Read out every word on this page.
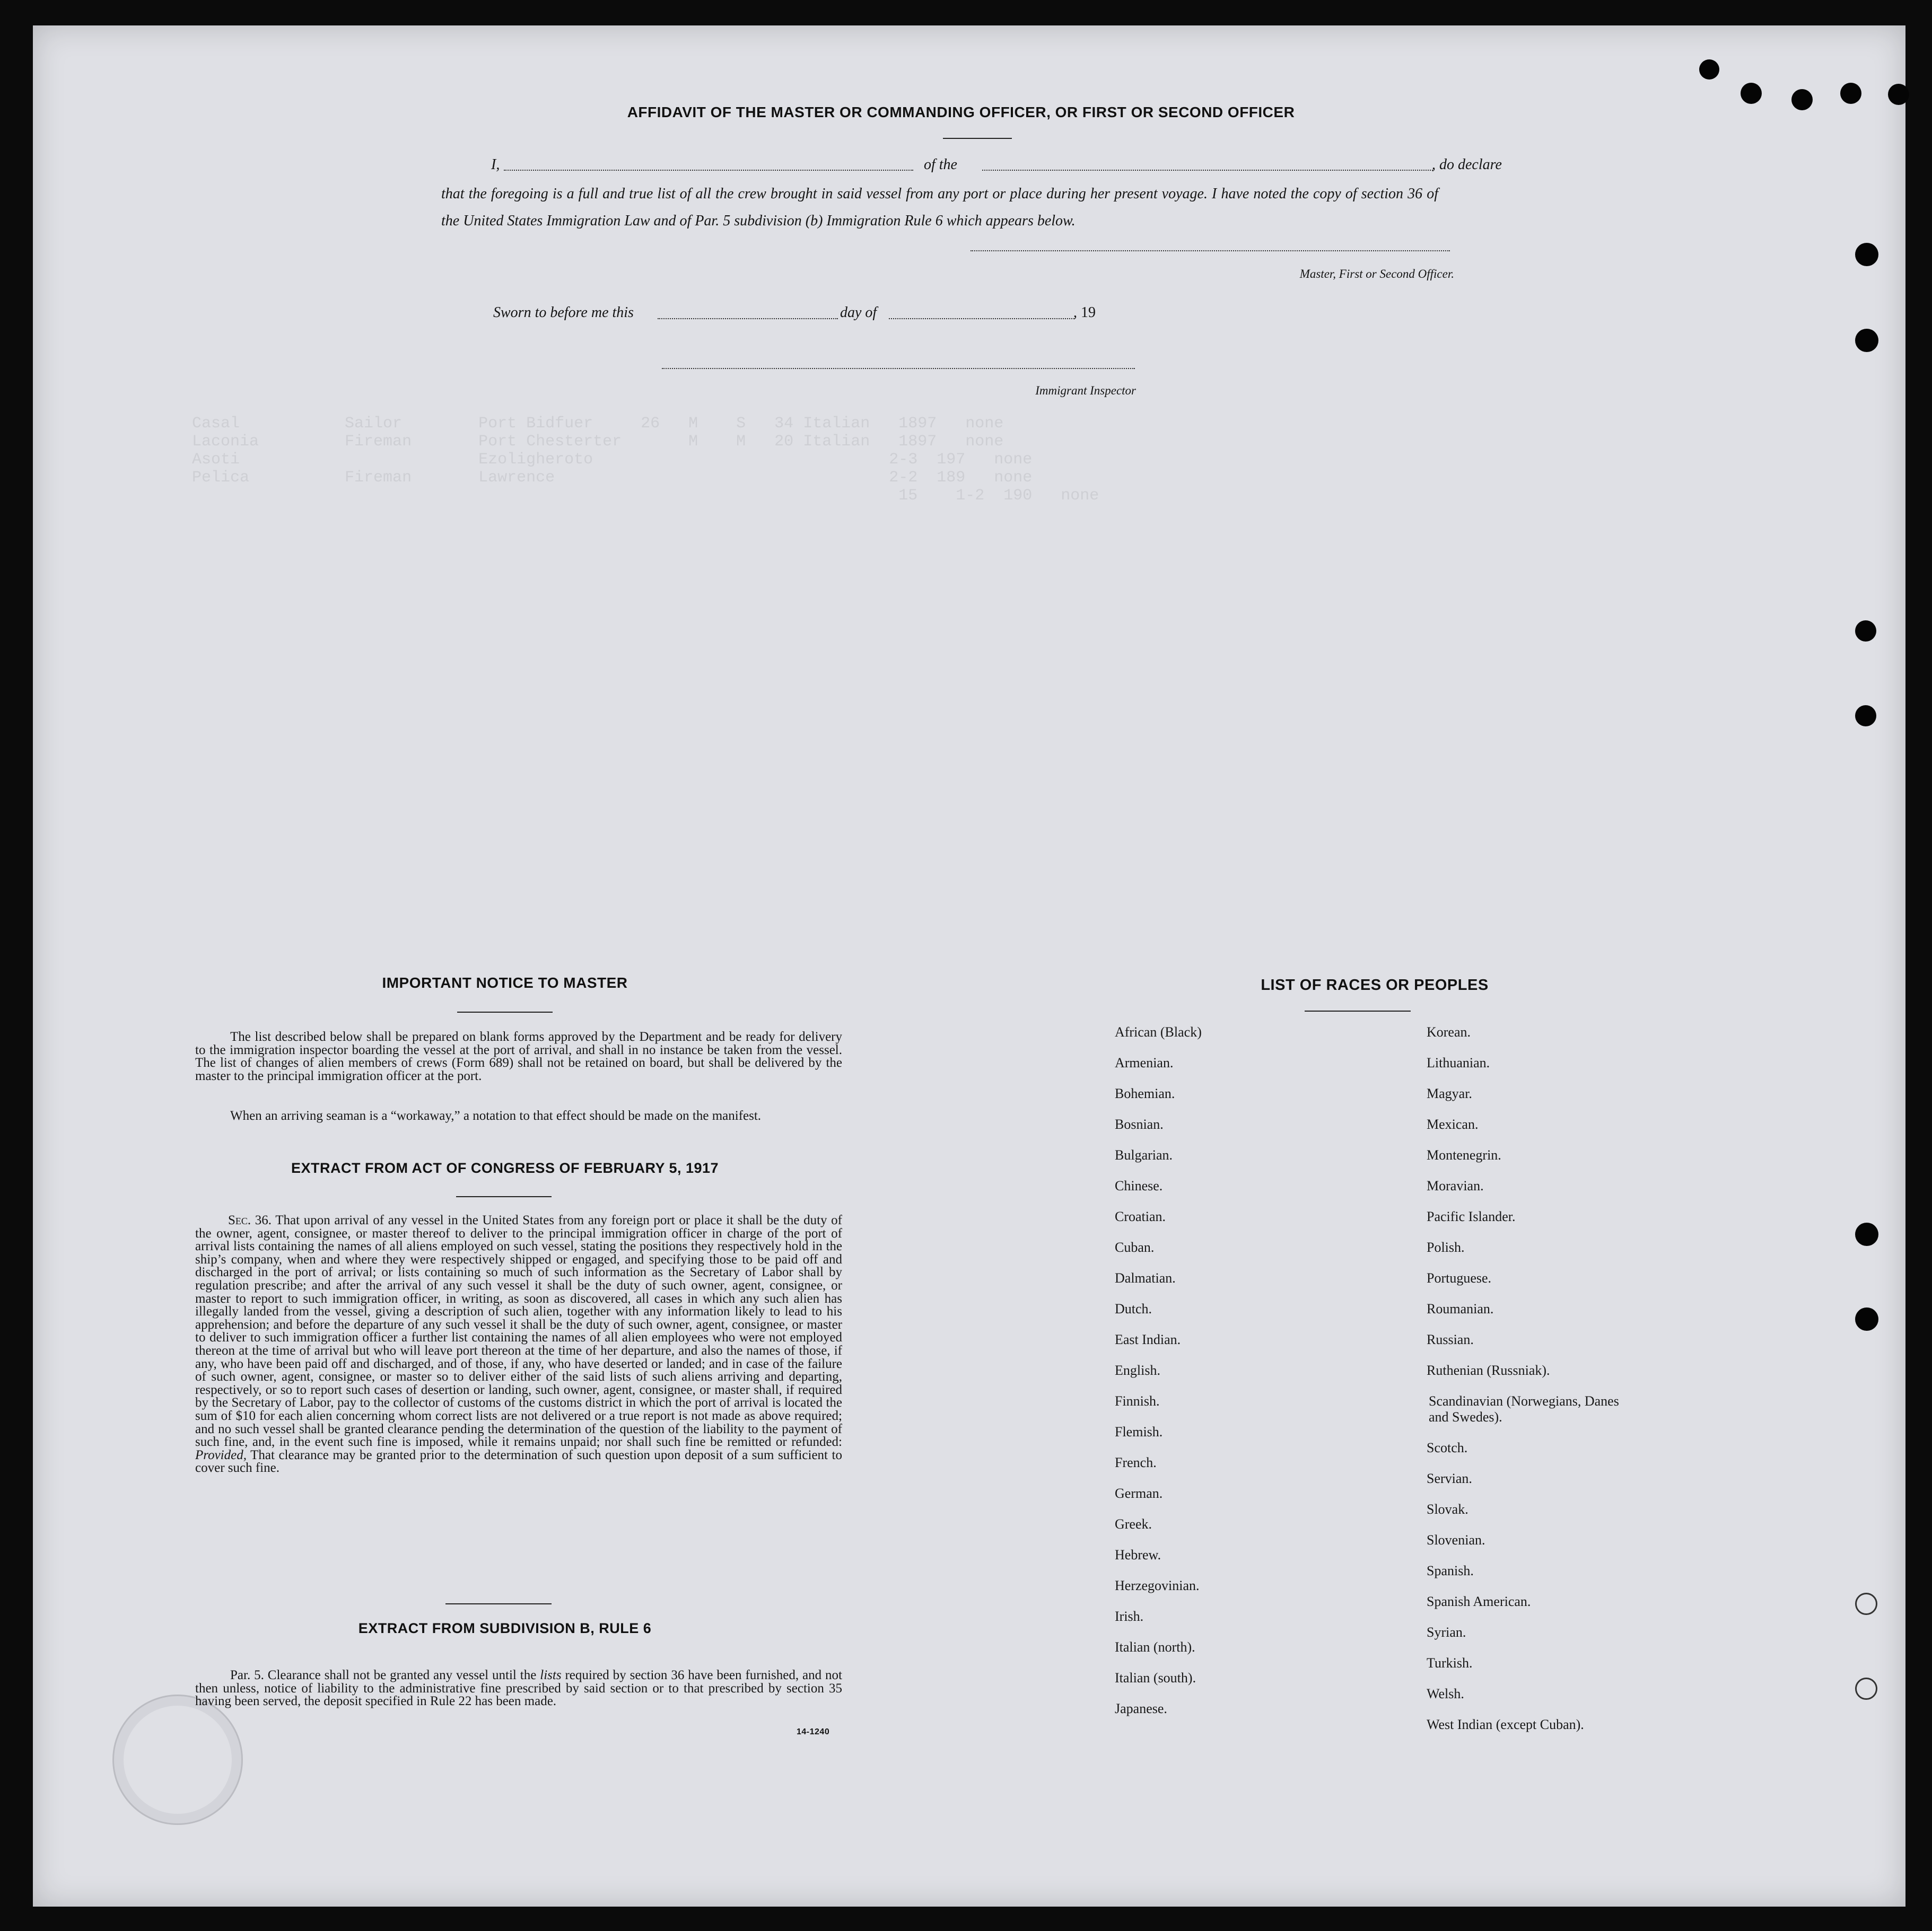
Casal           Sailor        Port Bidfuer     26   M    S   34 Italian   1897   none
Laconia         Fireman       Port Chesterter       M    M   20 Italian   1897   none
Asoti                         Ezoligheroto                               2-3  197   none
Pelica          Fireman       Lawrence                                   2-2  189   none
15    1-2  190   none
AFFIDAVIT OF THE MASTER OR COMMANDING OFFICER, OR FIRST OR SECOND OFFICER
I,	of the	, do declare
that the foregoing is a full and true list of all the crew brought in said vessel from any port or place during her present voyage. I have noted the copy of section 36 of the United States Immigration Law and of Par. 5 subdivision (b) Immigration Rule 6 which appears below.
Master, First or Second Officer.
Sworn to before me this	day of	, 19
Immigrant Inspector
IMPORTANT NOTICE TO MASTER
The list described below shall be prepared on blank forms approved by the Department and be ready for delivery to the immigration inspector boarding the vessel at the port of arrival, and shall in no instance be taken from the vessel. The list of changes of alien members of crews (Form 689) shall not be retained on board, but shall be delivered by the master to the principal immigration officer at the port.
When an arriving seaman is a “workaway,” a notation to that effect should be made on the manifest.
EXTRACT FROM ACT OF CONGRESS OF FEBRUARY 5, 1917
Sec. 36. That upon arrival of any vessel in the United States from any foreign port or place it shall be the duty of the owner, agent, consignee, or master thereof to deliver to the principal immigration officer in charge of the port of arrival lists containing the names of all aliens employed on such vessel, stating the positions they respectively hold in the ship’s company, when and where they were respectively shipped or engaged, and specifying those to be paid off and discharged in the port of arrival; or lists containing so much of such information as the Secretary of Labor shall by regulation prescribe; and after the arrival of any such vessel it shall be the duty of such owner, agent, consignee, or master to report to such immigration officer, in writing, as soon as discovered, all cases in which any such alien has illegally landed from the vessel, giving a description of such alien, together with any information likely to lead to his apprehension; and before the departure of any such vessel it shall be the duty of such owner, agent, consignee, or master to deliver to such immigration officer a further list containing the names of all alien employees who were not employed thereon at the time of arrival but who will leave port thereon at the time of her departure, and also the names of those, if any, who have been paid off and discharged, and of those, if any, who have deserted or landed; and in case of the failure of such owner, agent, consignee, or master so to deliver either of the said lists of such aliens arriving and departing, respectively, or so to report such cases of desertion or landing, such owner, agent, consignee, or master shall, if required by the Secretary of Labor, pay to the collector of customs of the customs district in which the port of arrival is located the sum of $10 for each alien concerning whom correct lists are not delivered or a true report is not made as above required; and no such vessel shall be granted clearance pending the determination of the question of the liability to the payment of such fine, and, in the event such fine is imposed, while it remains unpaid; nor shall such fine be remitted or refunded: Provided, That clearance may be granted prior to the determination of such question upon deposit of a sum sufficient to cover such fine.
EXTRACT FROM SUBDIVISION B, RULE 6
Par. 5. Clearance shall not be granted any vessel until the lists required by section 36 have been furnished, and not then unless, notice of liability to the administrative fine prescribed by said section or to that prescribed by section 35 having been served, the deposit specified in Rule 22 has been made.
14-1240
LIST OF RACES OR PEOPLES
African (Black)
Armenian.
Bohemian.
Bosnian.
Bulgarian.
Chinese.
Croatian.
Cuban.
Dalmatian.
Dutch.
East Indian.
English.
Finnish.
Flemish.
French.
German.
Greek.
Hebrew.
Herzegovinian.
Irish.
Italian (north).
Italian (south).
Japanese.
Korean.
Lithuanian.
Magyar.
Mexican.
Montenegrin.
Moravian.
Pacific Islander.
Polish.
Portuguese.
Roumanian.
Russian.
Ruthenian (Russniak).
Scandinavian (Norwegians, Danes and Swedes).
Scotch.
Servian.
Slovak.
Slovenian.
Spanish.
Spanish American.
Syrian.
Turkish.
Welsh.
West Indian (except Cuban).
